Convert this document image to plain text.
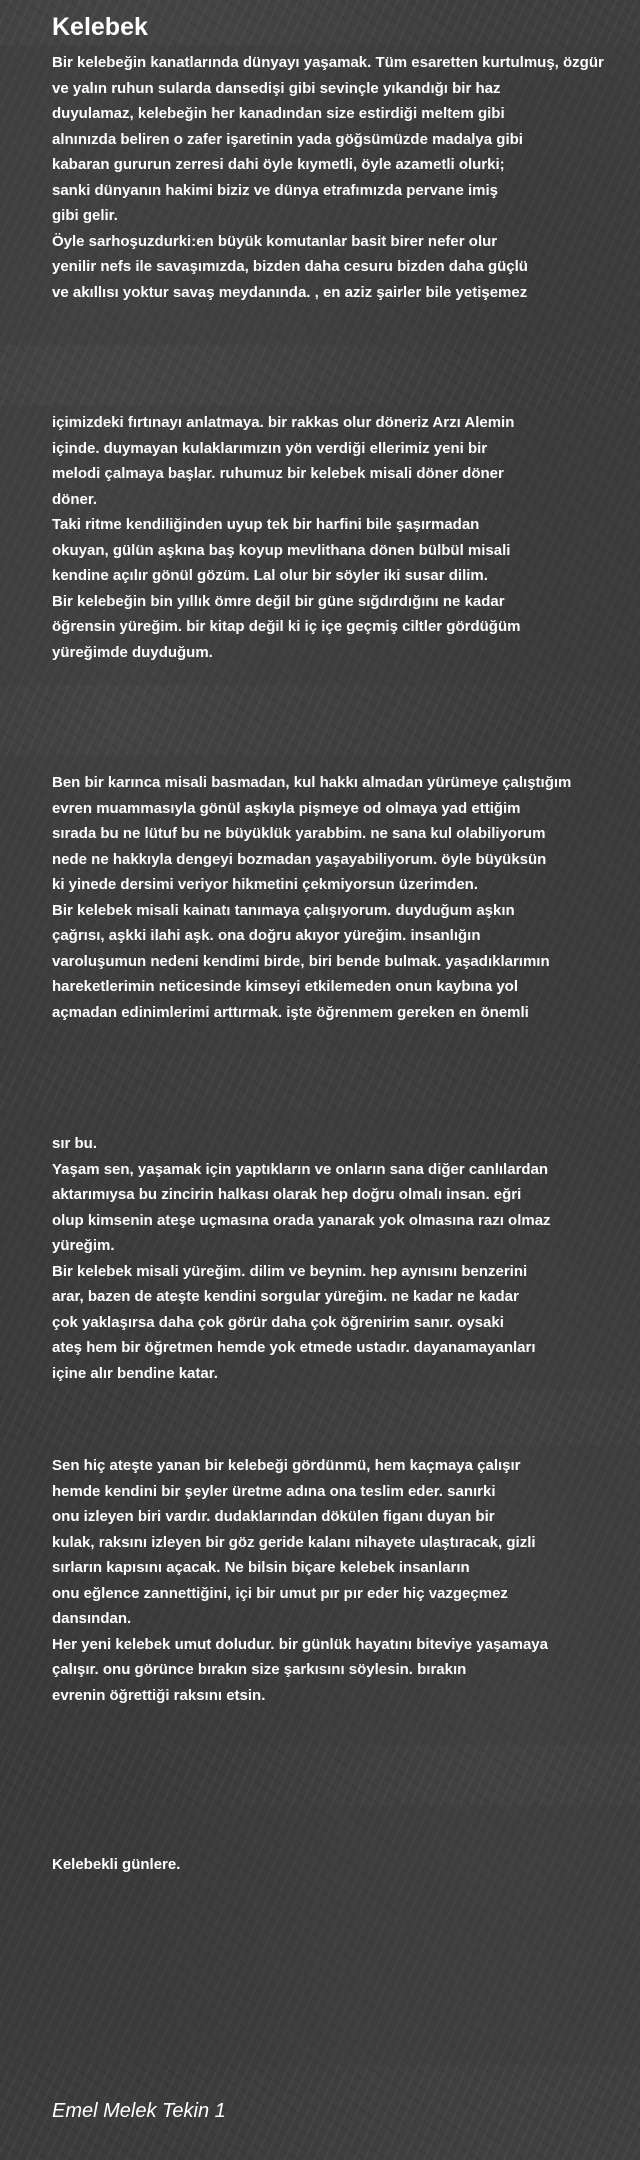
Kelebek
Bir kelebeğin kanatlarında dünyayı yaşamak. Tüm esaretten kurtulmuş, özgür
ve yalın ruhun sularda dansedişi gibi sevinçle yıkandığı bir haz
duyulamaz, kelebeğin her kanadından size estirdiği meltem gibi
alnınızda beliren o zafer işaretinin yada göğsümüzde madalya gibi
kabaran gururun zerresi dahi öyle kıymetli, öyle azametli olurki;
sanki dünyanın hakimi biziz ve dünya etrafımızda pervane imiş
gibi gelir.
Öyle sarhoşuzdurki:en büyük komutanlar basit birer nefer olur
yenilir nefs ile savaşımızda, bizden daha cesuru bizden daha güçlü
ve akıllısı yoktur savaş meydanında. , en aziz şairler bile yetişemez
içimizdeki fırtınayı anlatmaya. bir rakkas olur döneriz Arzı Alemin
içinde. duymayan kulaklarımızın yön verdiği ellerimiz yeni bir
melodi çalmaya başlar. ruhumuz bir kelebek misali döner döner
döner.
Taki ritme kendiliğinden uyup tek bir harfini bile şaşırmadan
okuyan, gülün aşkına baş koyup mevlithana dönen bülbül misali
kendine açılır gönül gözüm. Lal olur bir söyler iki susar dilim.
Bir kelebeğin bin yıllık ömre değil bir güne sığdırdığını ne kadar
öğrensin yüreğim. bir kitap değil ki iç içe geçmiş ciltler gördüğüm
yüreğimde duyduğum.
Ben bir karınca misali basmadan, kul hakkı almadan yürümeye çalıştığım
evren muammasıyla gönül aşkıyla pişmeye od olmaya yad ettiğim
sırada bu ne lütuf bu ne büyüklük yarabbim. ne sana kul olabiliyorum
nede ne hakkıyla dengeyi bozmadan yaşayabiliyorum. öyle büyüksün
ki yinede dersimi veriyor hikmetini çekmiyorsun üzerimden.
Bir kelebek misali kainatı tanımaya çalışıyorum. duyduğum aşkın
çağrısı, aşkki ilahi aşk. ona doğru akıyor yüreğim. insanlığın
varoluşumun nedeni kendimi birde, biri bende bulmak. yaşadıklarımın
hareketlerimin neticesinde kimseyi etkilemeden onun kaybına yol
açmadan edinimlerimi arttırmak. işte öğrenmem gereken en önemli
sır bu.
Yaşam sen, yaşamak için yaptıkların ve onların sana diğer canlılardan
aktarımıysa bu zincirin halkası olarak hep doğru olmalı insan. eğri
olup kimsenin ateşe uçmasına orada yanarak yok olmasına razı olmaz
yüreğim.
Bir kelebek misali yüreğim. dilim ve beynim. hep aynısını benzerini
arar, bazen de ateşte kendini sorgular yüreğim. ne kadar ne kadar
çok yaklaşırsa daha çok görür daha çok öğrenirim sanır. oysaki
ateş hem bir öğretmen hemde yok etmede ustadır. dayanamayanları
içine alır bendine katar.
Sen hiç ateşte yanan bir kelebeği gördünmü, hem kaçmaya çalışır
hemde kendini bir şeyler üretme adına ona teslim eder. sanırki
onu izleyen biri vardır. dudaklarından dökülen figanı duyan bir
kulak, raksını izleyen bir göz geride kalanı nihayete ulaştıracak, gizli
sırların kapısını açacak. Ne bilsin biçare kelebek insanların
onu eğlence zannettiğini, içi bir umut pır pır eder hiç vazgeçmez
dansından.
Her yeni kelebek umut doludur. bir günlük hayatını biteviye yaşamaya
çalışır. onu görünce bırakın size şarkısını söylesin. bırakın
evrenin öğrettiği raksını etsin.
Kelebekli günlere.
Emel Melek Tekin 1
